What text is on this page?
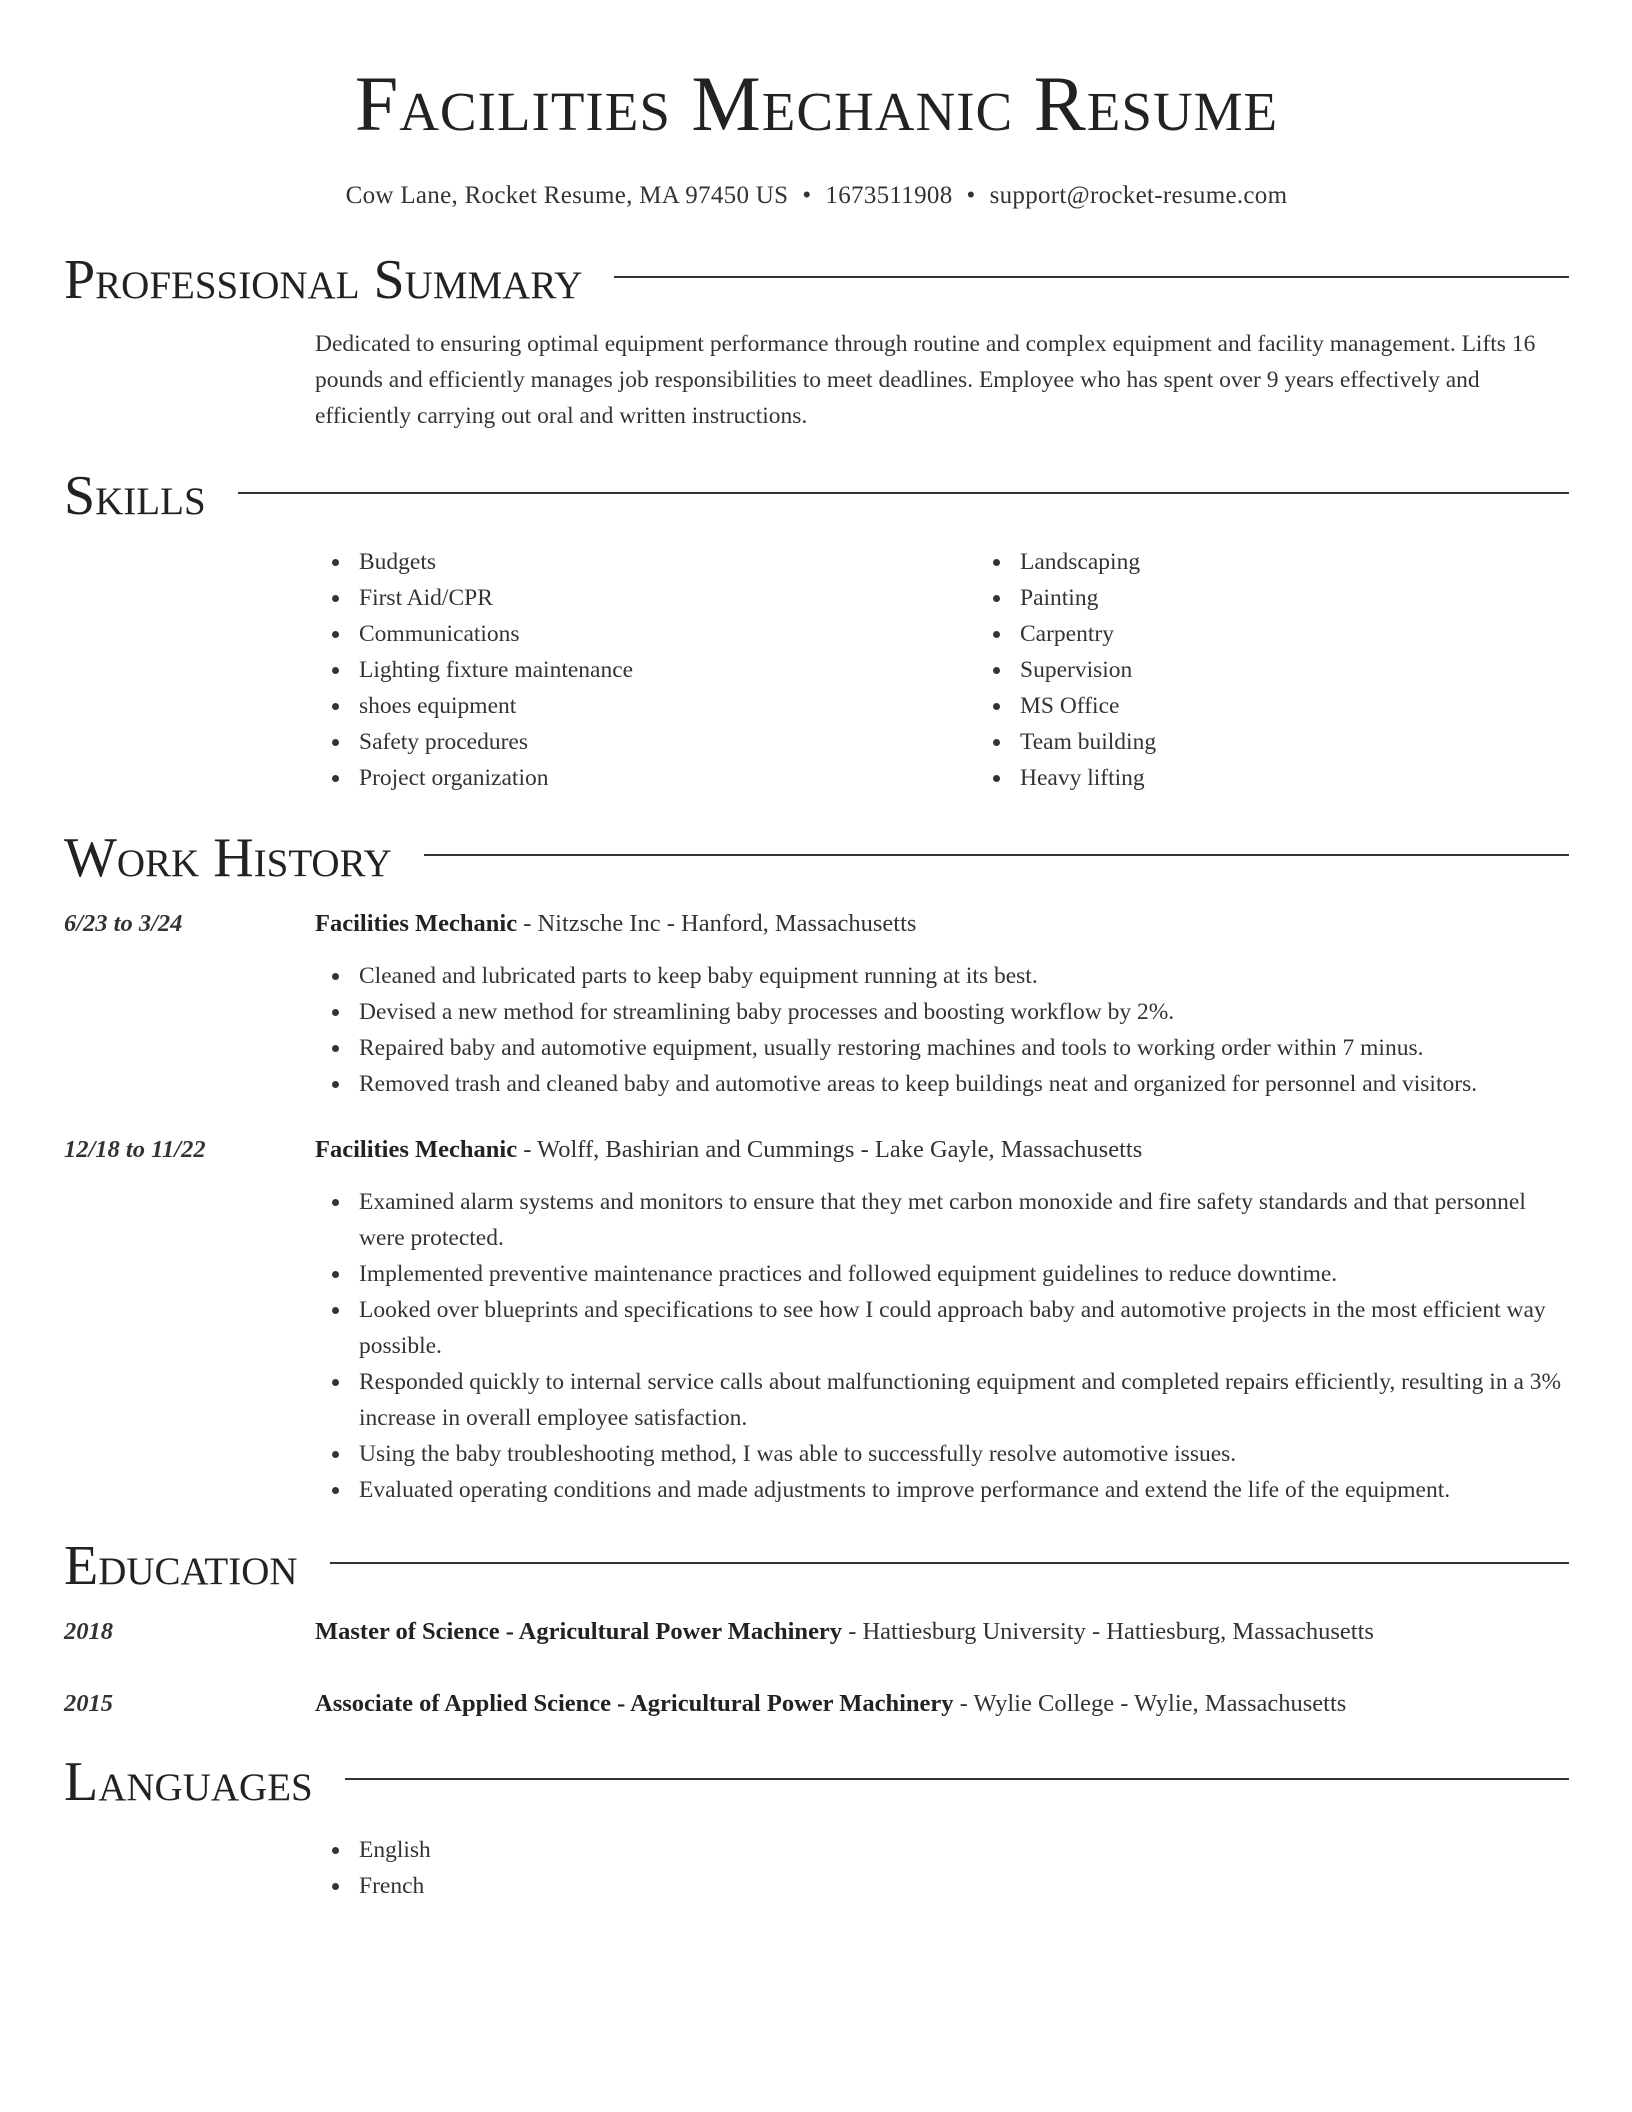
Facilities Mechanic Resume
Cow Lane, Rocket Resume, MA 97450 US • 1673511908 • support@rocket-resume.com
Professional Summary
Dedicated to ensuring optimal equipment performance through routine and complex equipment and facility management. Lifts 16 pounds and efficiently manages job responsibilities to meet deadlines. Employee who has spent over 9 years effectively and efficiently carrying out oral and written instructions.
Skills
Budgets
First Aid/CPR
Communications
Lighting fixture maintenance
shoes equipment
Safety procedures
Project organization
Landscaping
Painting
Carpentry
Supervision
MS Office
Team building
Heavy lifting
Work History
6/23 to 3/24	Facilities Mechanic - Nitzsche Inc - Hanford, Massachusetts
Cleaned and lubricated parts to keep baby equipment running at its best.
Devised a new method for streamlining baby processes and boosting workflow by 2%.
Repaired baby and automotive equipment, usually restoring machines and tools to working order within 7 minus.
Removed trash and cleaned baby and automotive areas to keep buildings neat and organized for personnel and visitors.
12/18 to 11/22	Facilities Mechanic - Wolff, Bashirian and Cummings - Lake Gayle, Massachusetts
Examined alarm systems and monitors to ensure that they met carbon monoxide and fire safety standards and that personnel were protected.
Implemented preventive maintenance practices and followed equipment guidelines to reduce downtime.
Looked over blueprints and specifications to see how I could approach baby and automotive projects in the most efficient way possible.
Responded quickly to internal service calls about malfunctioning equipment and completed repairs efficiently, resulting in a 3% increase in overall employee satisfaction.
Using the baby troubleshooting method, I was able to successfully resolve automotive issues.
Evaluated operating conditions and made adjustments to improve performance and extend the life of the equipment.
Education
2018	Master of Science - Agricultural Power Machinery - Hattiesburg University - Hattiesburg, Massachusetts
2015	Associate of Applied Science - Agricultural Power Machinery - Wylie College - Wylie, Massachusetts
Languages
English
French
